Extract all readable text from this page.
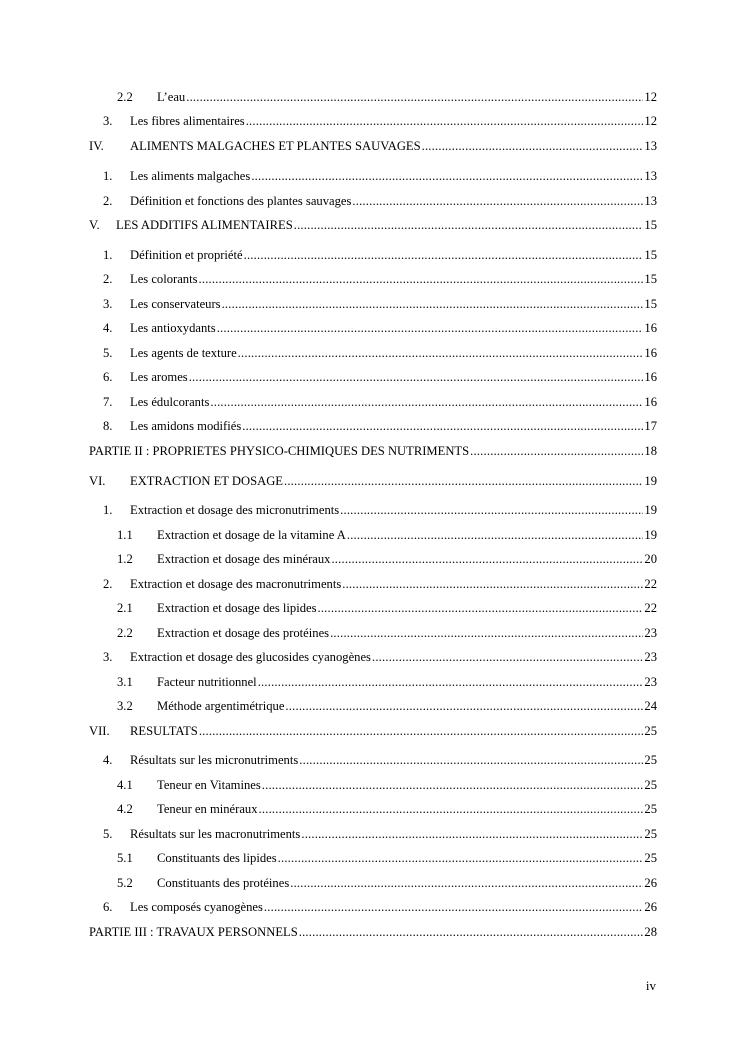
2.2 L’eau .....	12
3. Les fibres alimentaires .....	12
IV. ALIMENTS MALGACHES ET PLANTES SAUVAGES .....	13
1. Les aliments malgaches .....	13
2. Définition et fonctions des plantes sauvages .....	13
V. LES ADDITIFS ALIMENTAIRES .....	15
1. Définition et propriété .....	15
2. Les colorants .....	15
3. Les conservateurs .....	15
4. Les antioxydants .....	16
5. Les agents de texture .....	16
6. Les aromes .....	16
7. Les édulcorants .....	16
8. Les amidons modifiés .....	17
PARTIE II : PROPRIETES PHYSICO-CHIMIQUES DES NUTRIMENTS .....	18
VI. EXTRACTION ET DOSAGE .....	19
1. Extraction et dosage des micronutriments .....	19
1.1 Extraction et dosage de la vitamine A .....	19
1.2 Extraction et dosage des minéraux .....	20
2. Extraction et dosage des macronutriments .....	22
2.1 Extraction et dosage des lipides .....	22
2.2 Extraction et dosage des protéines .....	23
3. Extraction et dosage des glucosides cyanogènes .....	23
3.1 Facteur nutritionnel .....	23
3.2 Méthode argentimétrique .....	24
VII. RESULTATS .....	25
4. Résultats sur les micronutriments .....	25
4.1 Teneur en Vitamines .....	25
4.2 Teneur en minéraux .....	25
5. Résultats sur les macronutriments .....	25
5.1 Constituants des lipides .....	25
5.2 Constituants des protéines .....	26
6. Les composés cyanogènes .....	26
PARTIE III : TRAVAUX PERSONNELS .....	28
iv
